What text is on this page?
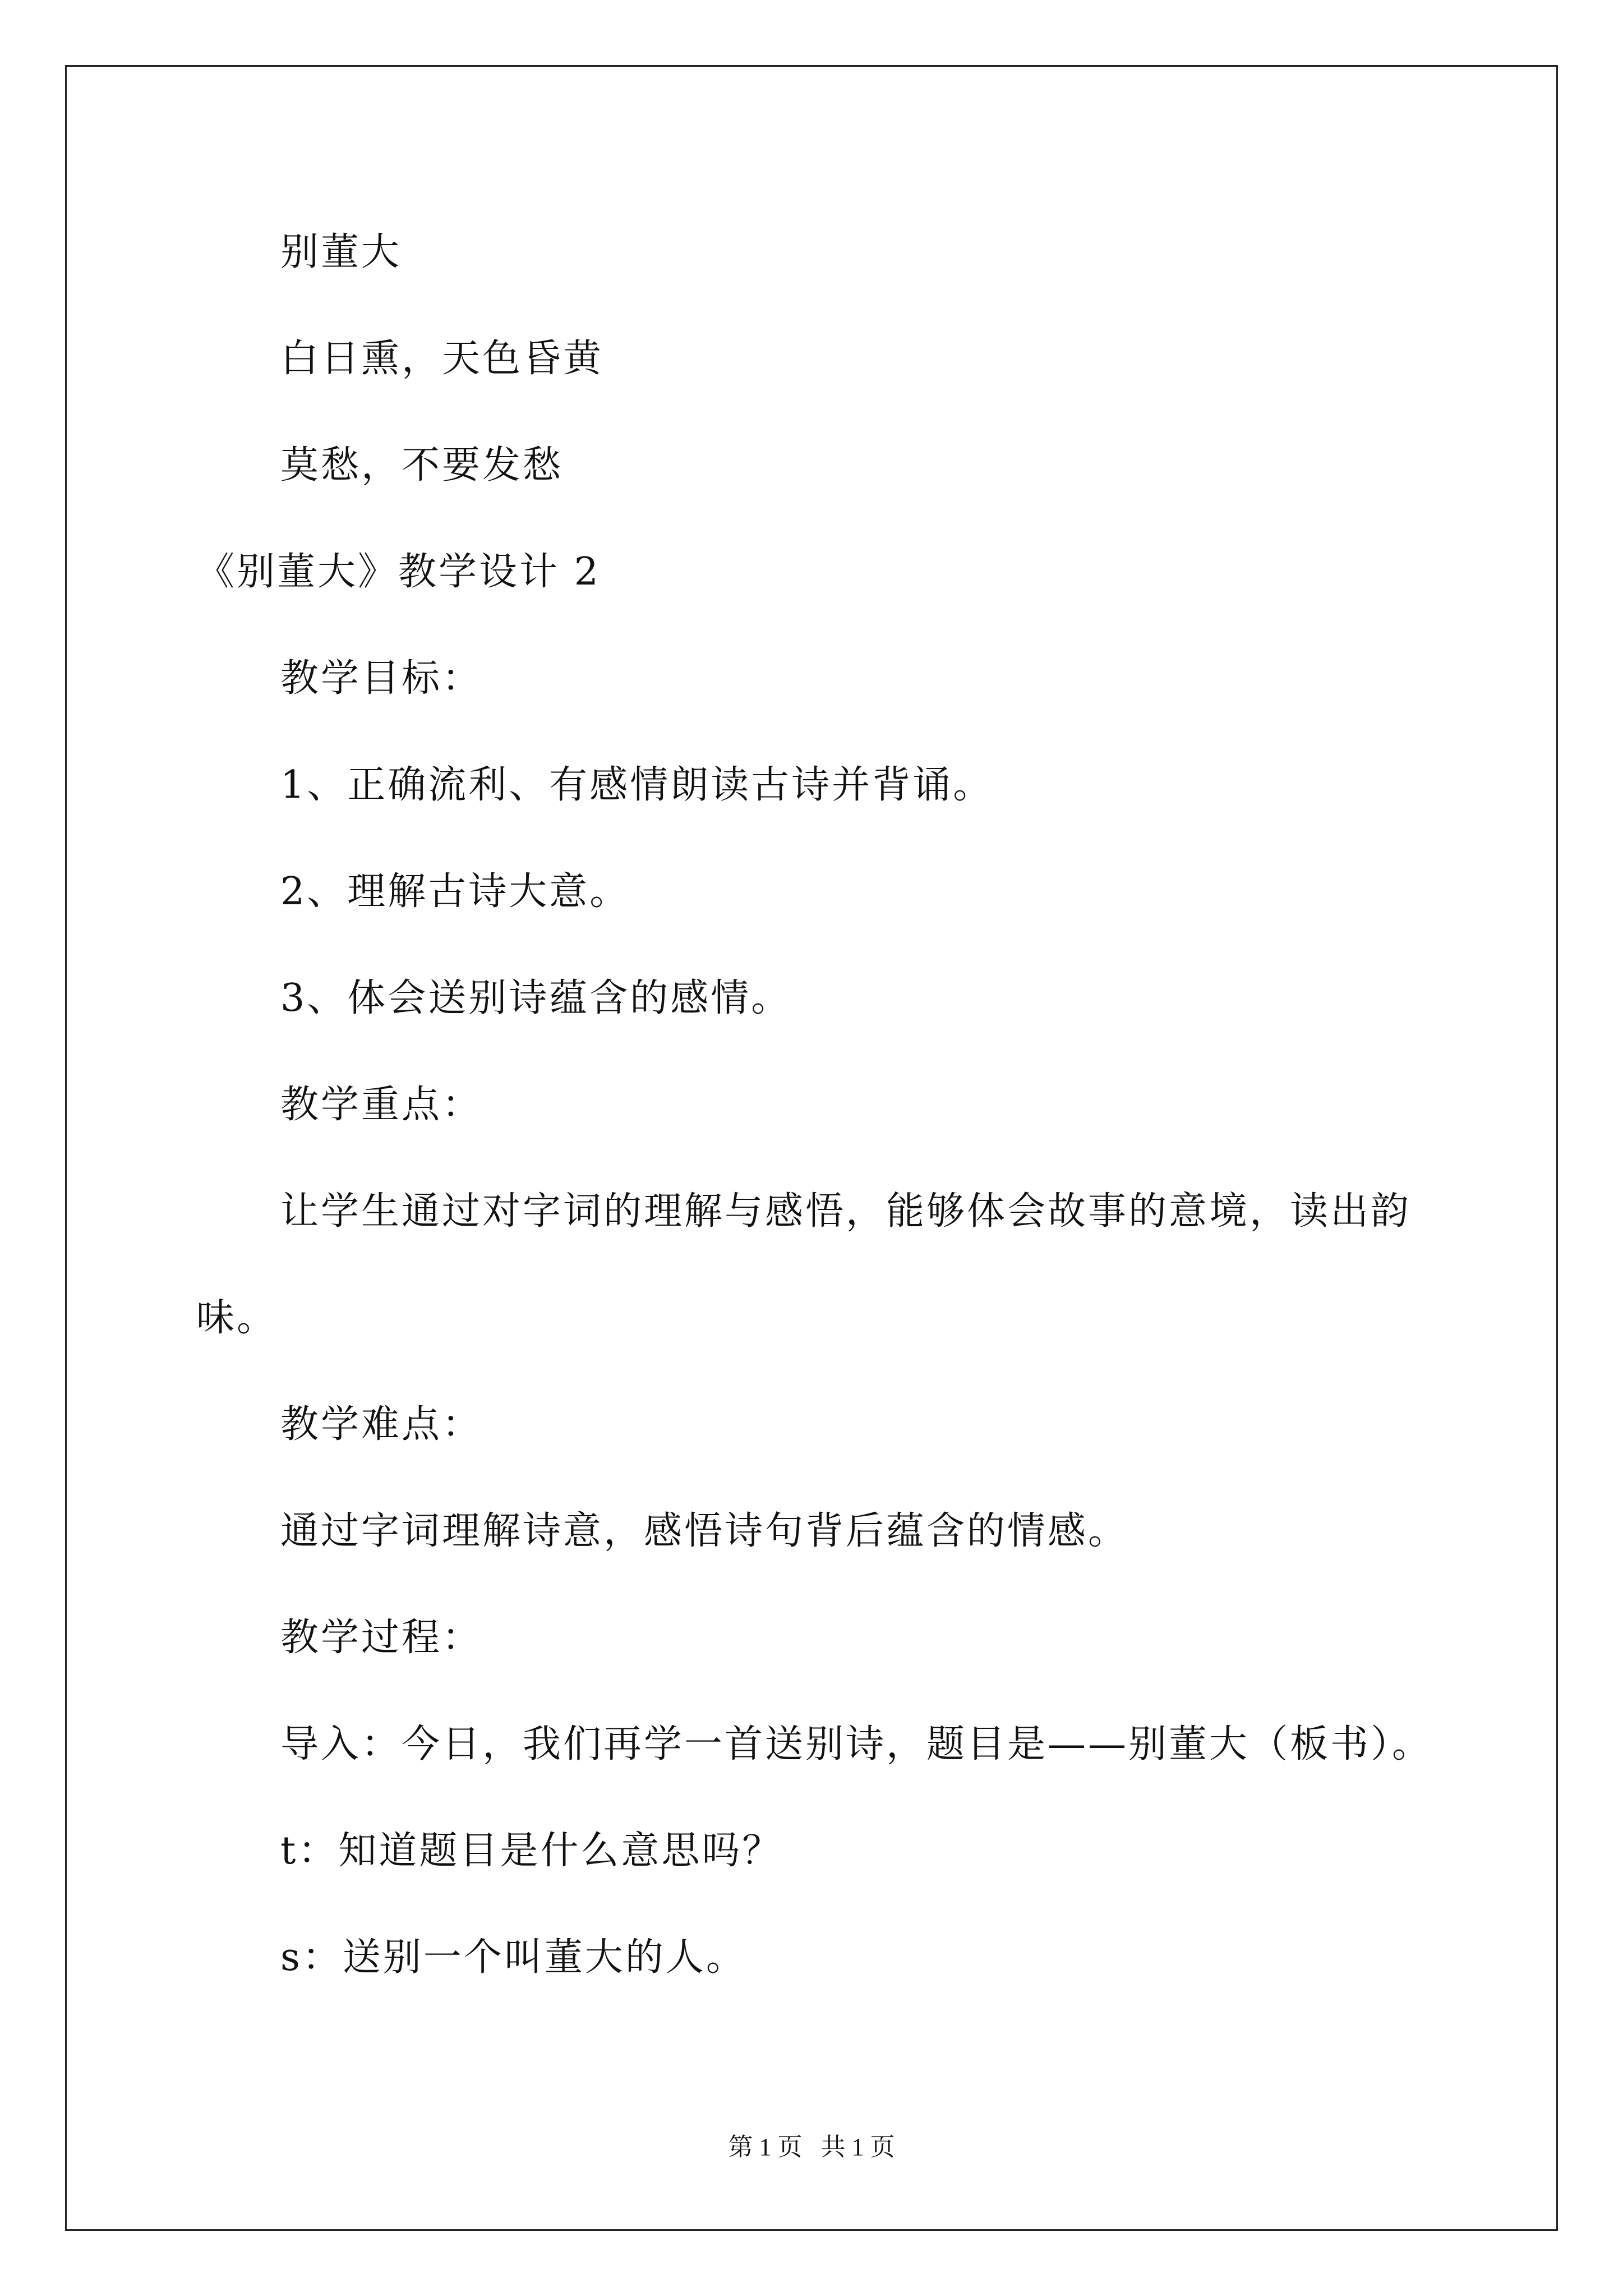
别董大
白日熏，天色昏黄
莫愁，不要发愁
《别董大》教学设计 2
教学目标：
1、正确流利、有感情朗读古诗并背诵。
2、理解古诗大意。
3、体会送别诗蕴含的感情。
教学重点：
让学生通过对字词的理解与感悟，能够体会故事的意境，读出韵
味。
教学难点：
通过字词理解诗意，感悟诗句背后蕴含的情感。
教学过程：
导入：今日，我们再学一首送别诗，题目是——别董大（板书）。
t：知道题目是什么意思吗？
s：送别一个叫董大的人。
第 1 页   共 1 页
